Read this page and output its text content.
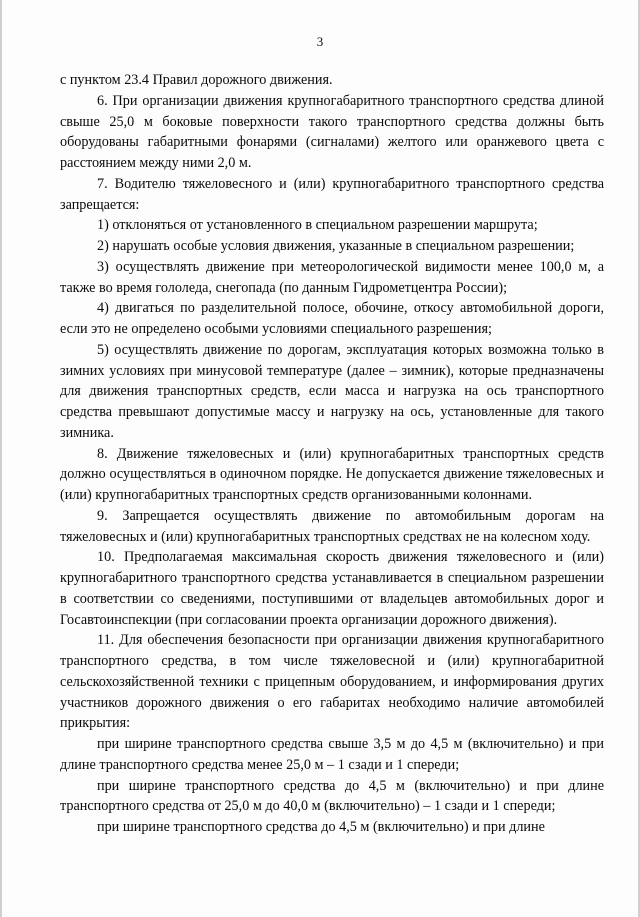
3

с пунктом 23.4 Правил дорожного движения.

6. При организации движения крупногабаритного транспортного средства длиной свыше 25,0 м боковые поверхности такого транспортного средства должны быть оборудованы габаритными фонарями (сигналами) желтого или оранжевого цвета с расстоянием между ними 2,0 м.

7. Водителю тяжеловесного и (или) крупногабаритного транспортного средства запрещается:

1) отклоняться от установленного в специальном разрешении маршрута;

2) нарушать особые условия движения, указанные в специальном разрешении;

3) осуществлять движение при метеорологической видимости менее 100,0 м, а также во время гололеда, снегопада (по данным Гидрометцентра России);

4) двигаться по разделительной полосе, обочине, откосу автомобильной дороги, если это не определено особыми условиями специального разрешения;

5) осуществлять движение по дорогам, эксплуатация которых возможна только в зимних условиях при минусовой температуре (далее – зимник), которые предназначены для движения транспортных средств, если масса и нагрузка на ось транспортного средства превышают допустимые массу и нагрузку на ось, установленные для такого зимника.

8. Движение тяжеловесных и (или) крупногабаритных транспортных средств должно осуществляться в одиночном порядке. Не допускается движение тяжеловесных и (или) крупногабаритных транспортных средств организованными колоннами.

9. Запрещается осуществлять движение по автомобильным дорогам на тяжеловесных и (или) крупногабаритных транспортных средствах не на колесном ходу.

10. Предполагаемая максимальная скорость движения тяжеловесного и (или) крупногабаритного транспортного средства устанавливается в специальном разрешении в соответствии со сведениями, поступившими от владельцев автомобильных дорог и Госавтоинспекции (при согласовании проекта организации дорожного движения).

11. Для обеспечения безопасности при организации движения крупногабаритного транспортного средства, в том числе тяжеловесной и (или) крупногабаритной сельскохозяйственной техники с прицепным оборудованием, и информирования других участников дорожного движения о его габаритах необходимо наличие автомобилей прикрытия:

при ширине транспортного средства свыше 3,5 м до 4,5 м (включительно) и при длине транспортного средства менее 25,0 м – 1 сзади и 1 спереди;

при ширине транспортного средства до 4,5 м (включительно) и при длине транспортного средства от 25,0 м до 40,0 м (включительно) – 1 сзади и 1 спереди;

при ширине транспортного средства до 4,5 м (включительно) и при длине
